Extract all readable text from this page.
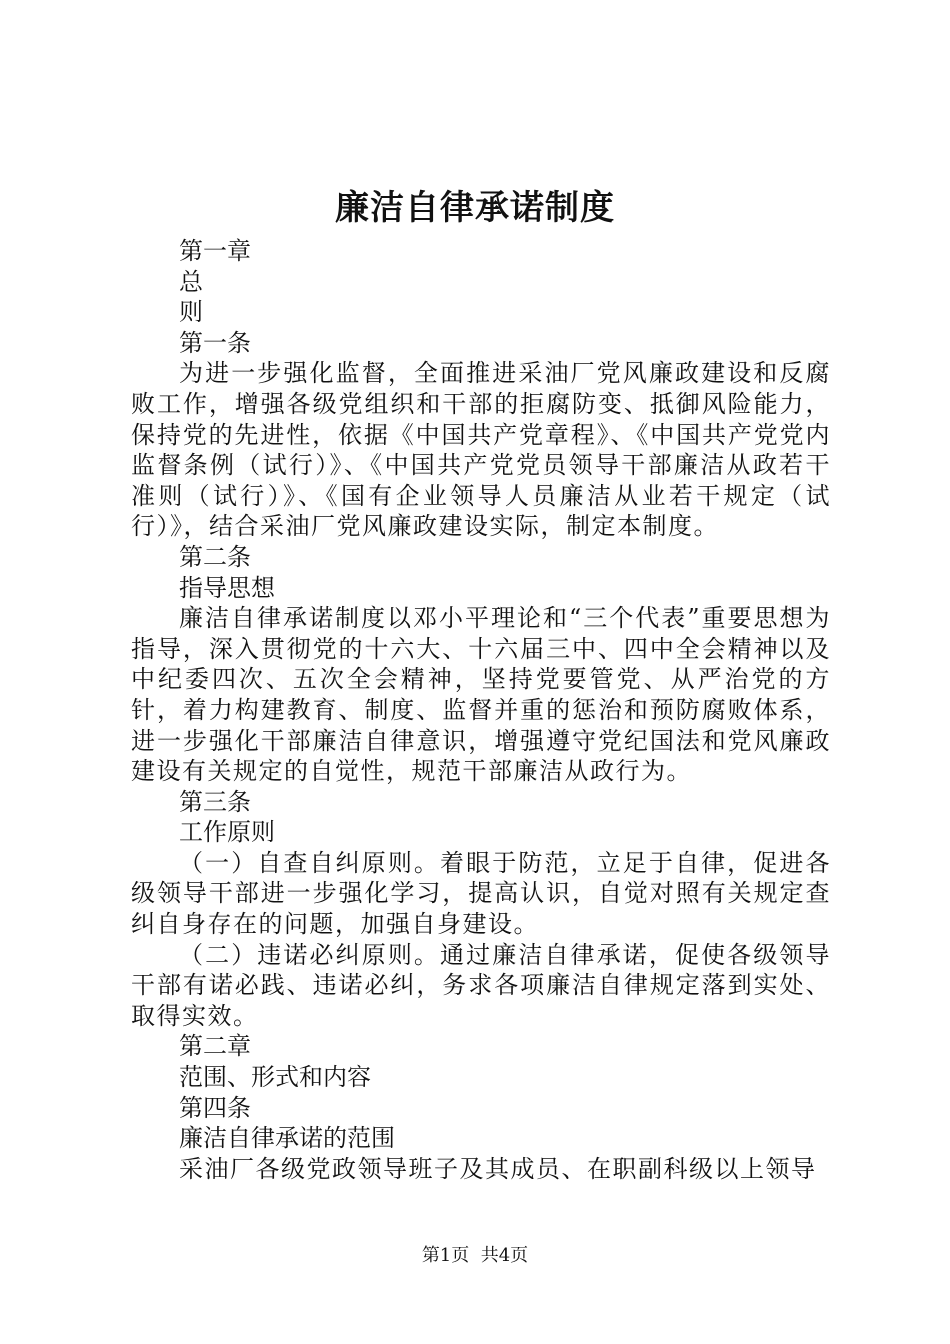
廉洁自律承诺制度

第一章

总

则

第一条

为进一步强化监督，全面推进采油厂党风廉政建设和反腐败工作，增强各级党组织和干部的拒腐防变、抵御风险能力，保持党的先进性，依据《中国共产党章程》、《中国共产党党内监督条例（试行）》、《中国共产党党员领导干部廉洁从政若干准则（试行）》、《国有企业领导人员廉洁从业若干规定（试行）》，结合采油厂党风廉政建设实际，制定本制度。

第二条

指导思想

廉洁自律承诺制度以邓小平理论和“三个代表”重要思想为指导，深入贯彻党的十六大、十六届三中、四中全会精神以及中纪委四次、五次全会精神，坚持党要管党、从严治党的方针，着力构建教育、制度、监督并重的惩治和预防腐败体系，进一步强化干部廉洁自律意识，增强遵守党纪国法和党风廉政建设有关规定的自觉性，规范干部廉洁从政行为。

第三条

工作原则

（一）自查自纠原则。着眼于防范，立足于自律，促进各级领导干部进一步强化学习，提高认识，自觉对照有关规定查纠自身存在的问题，加强自身建设。

（二）违诺必纠原则。通过廉洁自律承诺，促使各级领导干部有诺必践、违诺必纠，务求各项廉洁自律规定落到实处、取得实效。

第二章

范围、形式和内容

第四条

廉洁自律承诺的范围

采油厂各级党政领导班子及其成员、在职副科级以上领导

第1页 共4页
